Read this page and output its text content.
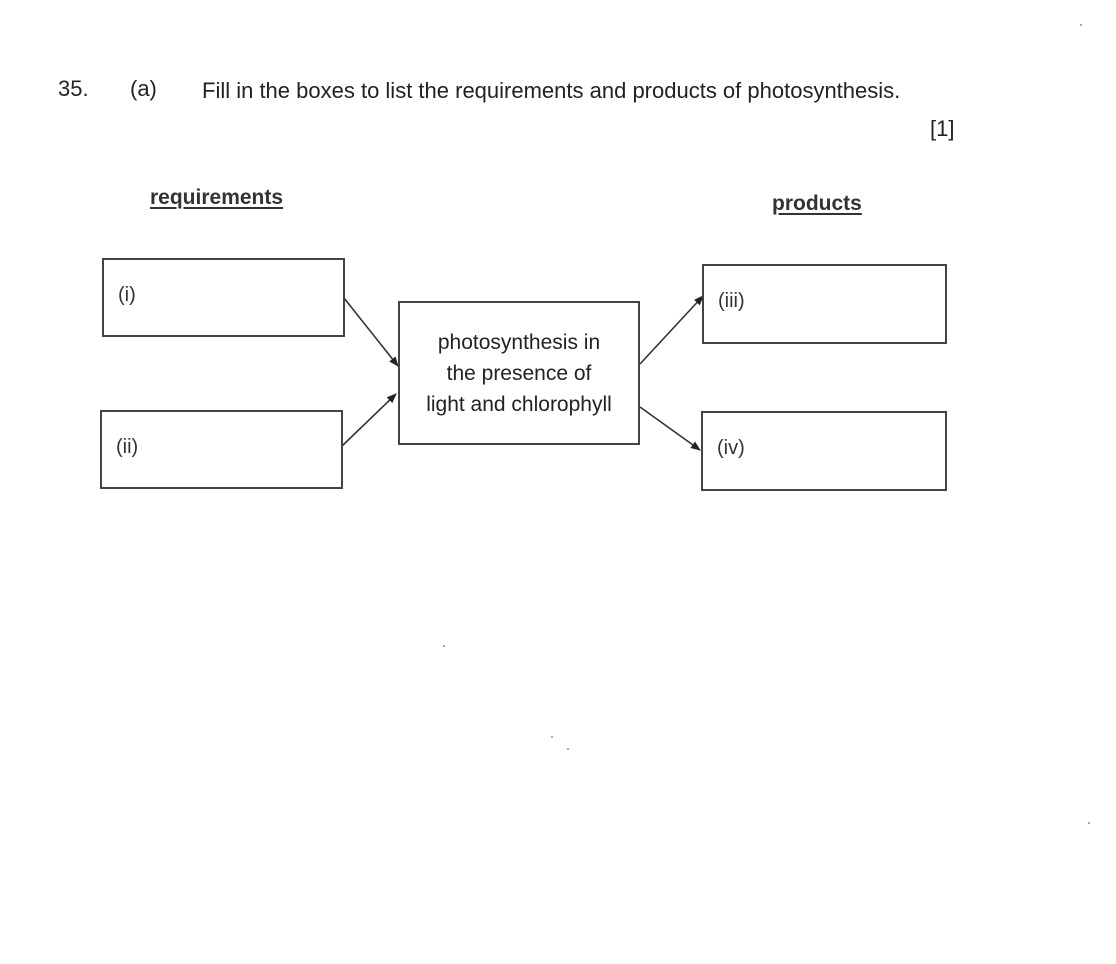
35. (a) Fill in the boxes to list the requirements and products of photosynthesis.
[1]
requirements	products
(i)
(ii)
photosynthesis in
the presence of
light and chlorophyll
(iii)
(iv)
